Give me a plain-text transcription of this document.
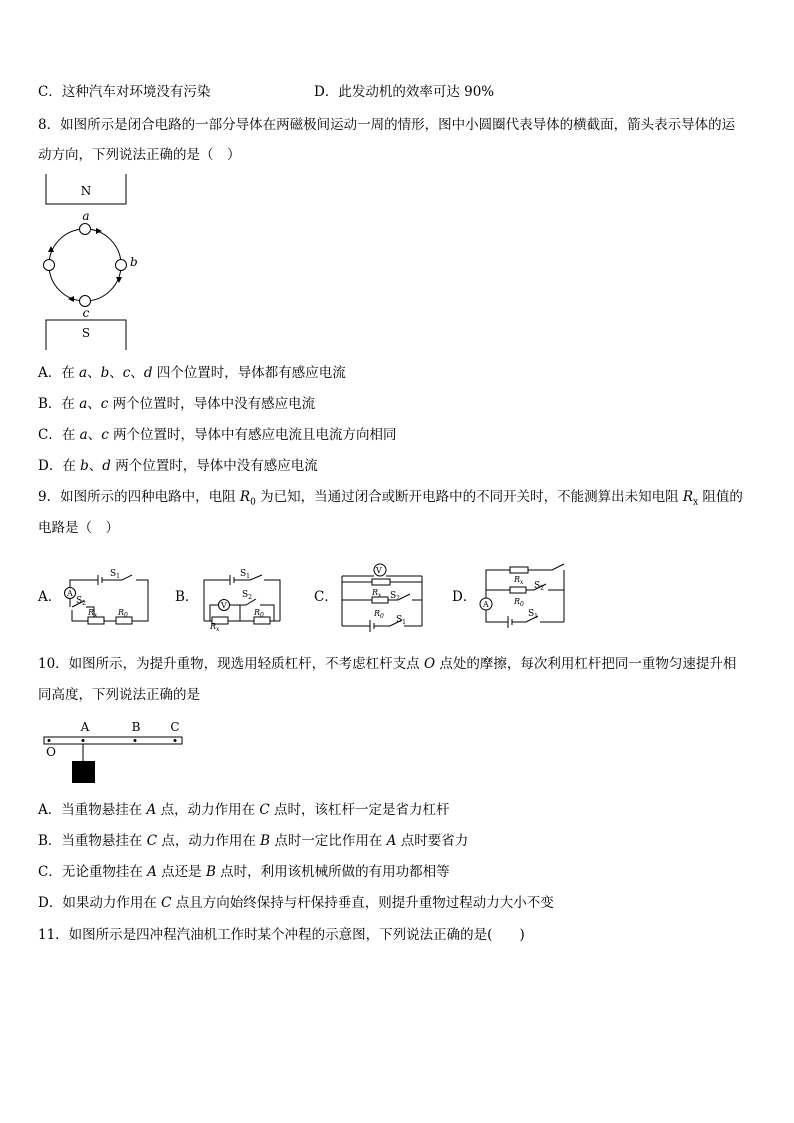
C．这种汽车对环境没有污染	D．此发动机的效率可达 90%
8．如图所示是闭合电路的一部分导体在两磁极间运动一周的情形，图中小圆圈代表导体的横截面，箭头表示导体的运
动方向，下列说法正确的是（　）
N
a
b
c
S
A．在 a、b、c、d 四个位置时，导体都有感应电流
B．在 a、c 两个位置时，导体中没有感应电流
C．在 a、c 两个位置时，导体中有感应电流且电流方向相同
D．在 b、d 两个位置时，导体中没有感应电流
9．如图所示的四种电路中，电阻 $R_0$ 为已知，当通过闭合或断开电路中的不同开关时，不能测算出未知电阻 $R_x$ 阻值的
电路是（　）
A． A
$S_1$
$S_2$
$R_x$	$R_0$
B．
V
$S_1$
$S_2$
$R_x$
$R_0$
C．
V
$R_x$ $S_2$
$R_0$ $S_1$
D． A
$R_x$ $S_2$
$R_0$
$S_1$
10．如图所示，为提升重物，现选用轻质杠杆，不考虑杠杆支点 O 点处的摩擦，每次利用杠杆把同一重物匀速提升相
同高度，下列说法正确的是
A	B C
O
A．当重物悬挂在 A 点，动力作用在 C 点时，该杠杆一定是省力杠杆
B．当重物悬挂在 C 点，动力作用在 B 点时一定比作用在 A 点时要省力
C．无论重物挂在 A 点还是 B 点时，利用该机械所做的有用功都相等
D．如果动力作用在 C 点且方向始终保持与杆保持垂直，则提升重物过程动力大小不变
11．如图所示是四冲程汽油机工作时某个冲程的示意图，下列说法正确的是(　　)
